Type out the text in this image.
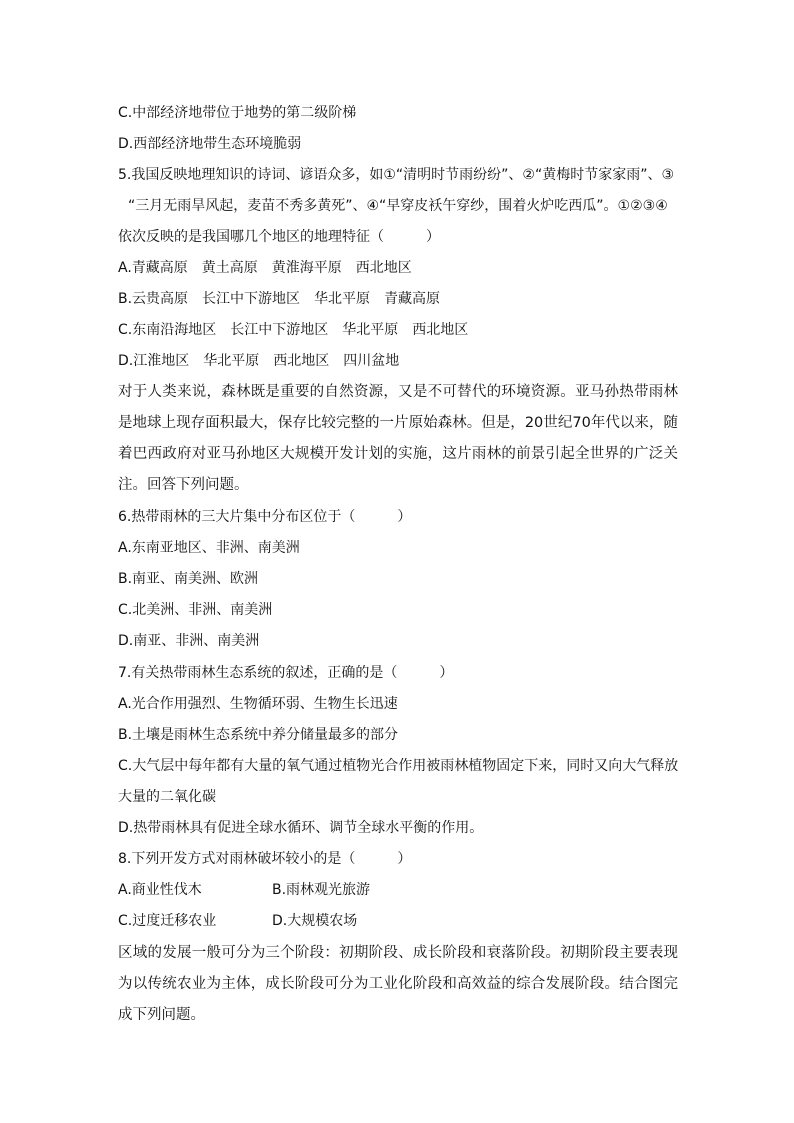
C.中部经济地带位于地势的第二级阶梯
D.西部经济地带生态环境脆弱
5.我国反映地理知识的诗词、谚语众多，如①“清明时节雨纷纷”、②“黄梅时节家家雨”、③
“三月无雨旱风起，麦苗不秀多黄死”、④“早穿皮袄午穿纱，围着火炉吃西瓜”。①②③④
依次反映的是我国哪几个地区的地理特征（　　　）
A.青藏高原　黄土高原　黄淮海平原　西北地区
B.云贵高原　长江中下游地区　华北平原　青藏高原
C.东南沿海地区　长江中下游地区　华北平原　西北地区
D.江淮地区　华北平原　西北地区　四川盆地
对于人类来说，森林既是重要的自然资源，又是不可替代的环境资源。亚马孙热带雨林是地球上现存面积最大，保存比较完整的一片原始森林。但是，20世纪70年代以来，随着巴西政府对亚马孙地区大规模开发计划的实施，这片雨林的前景引起全世界的广泛关注。回答下列问题。
6.热带雨林的三大片集中分布区位于（　　　）
A.东南亚地区、非洲、南美洲
B.南亚、南美洲、欧洲
C.北美洲、非洲、南美洲
D.南亚、非洲、南美洲
7.有关热带雨林生态系统的叙述，正确的是（　　　）
A.光合作用强烈、生物循环弱、生物生长迅速
B.土壤是雨林生态系统中养分储量最多的部分
C.大气层中每年都有大量的氧气通过植物光合作用被雨林植物固定下来，同时又向大气释放
大量的二氧化碳
D.热带雨林具有促进全球水循环、调节全球水平衡的作用。
8.下列开发方式对雨林破坏较小的是（　　　）
A.商业性伐木	B.雨林观光旅游
C.过度迁移农业	D.大规模农场
区域的发展一般可分为三个阶段：初期阶段、成长阶段和衰落阶段。初期阶段主要表现为以传统农业为主体，成长阶段可分为工业化阶段和高效益的综合发展阶段。结合图完成下列问题。
